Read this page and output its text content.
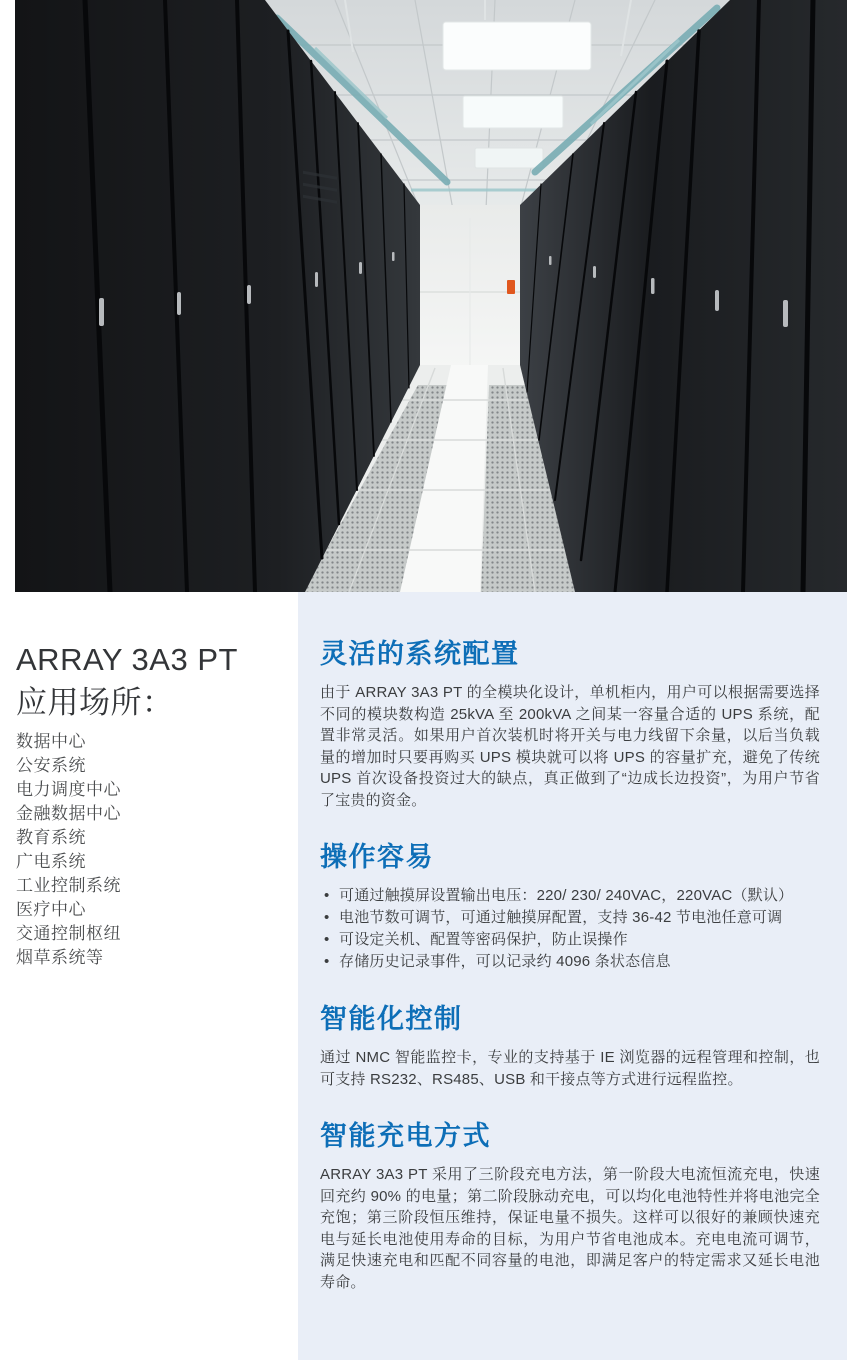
ARRAY 3A3 PT
应用场所：
数据中心
公安系统
电力调度中心
金融数据中心
教育系统
广电系统
工业控制系统
医疗中心
交通控制枢纽
烟草系统等
灵活的系统配置

由于 ARRAY 3A3 PT 的全模块化设计，单机柜内，用户可以根据需要选择不同的模块数构造 25kVA 至 200kVA 之间某一容量合适的 UPS 系统，配置非常灵活。如果用户首次装机时将开关与电力线留下余量，以后当负载量的增加时只要再购买 UPS 模块就可以将 UPS 的容量扩充，避免了传统 UPS 首次设备投资过大的缺点，真正做到了“边成长边投资”，为用户节省了宝贵的资金。

操作容易
• 可通过触摸屏设置输出电压：220/ 230/ 240VAC，220VAC（默认）
• 电池节数可调节，可通过触摸屏配置，支持 36-42 节电池任意可调
• 可设定关机、配置等密码保护，防止误操作
• 存储历史记录事件，可以记录约 4096 条状态信息
智能化控制

通过 NMC 智能监控卡，专业的支持基于 IE 浏览器的远程管理和控制，也可支持 RS232、RS485、USB 和干接点等方式进行远程监控。

智能充电方式

ARRAY 3A3 PT 采用了三阶段充电方法，第一阶段大电流恒流充电，快速回充约 90% 的电量；第二阶段脉动充电，可以均化电池特性并将电池完全充饱；第三阶段恒压维持，保证电量不损失。这样可以很好的兼顾快速充电与延长电池使用寿命的目标，为用户节省电池成本。充电电流可调节，满足快速充电和匹配不同容量的电池，即满足客户的特定需求又延长电池寿命。
